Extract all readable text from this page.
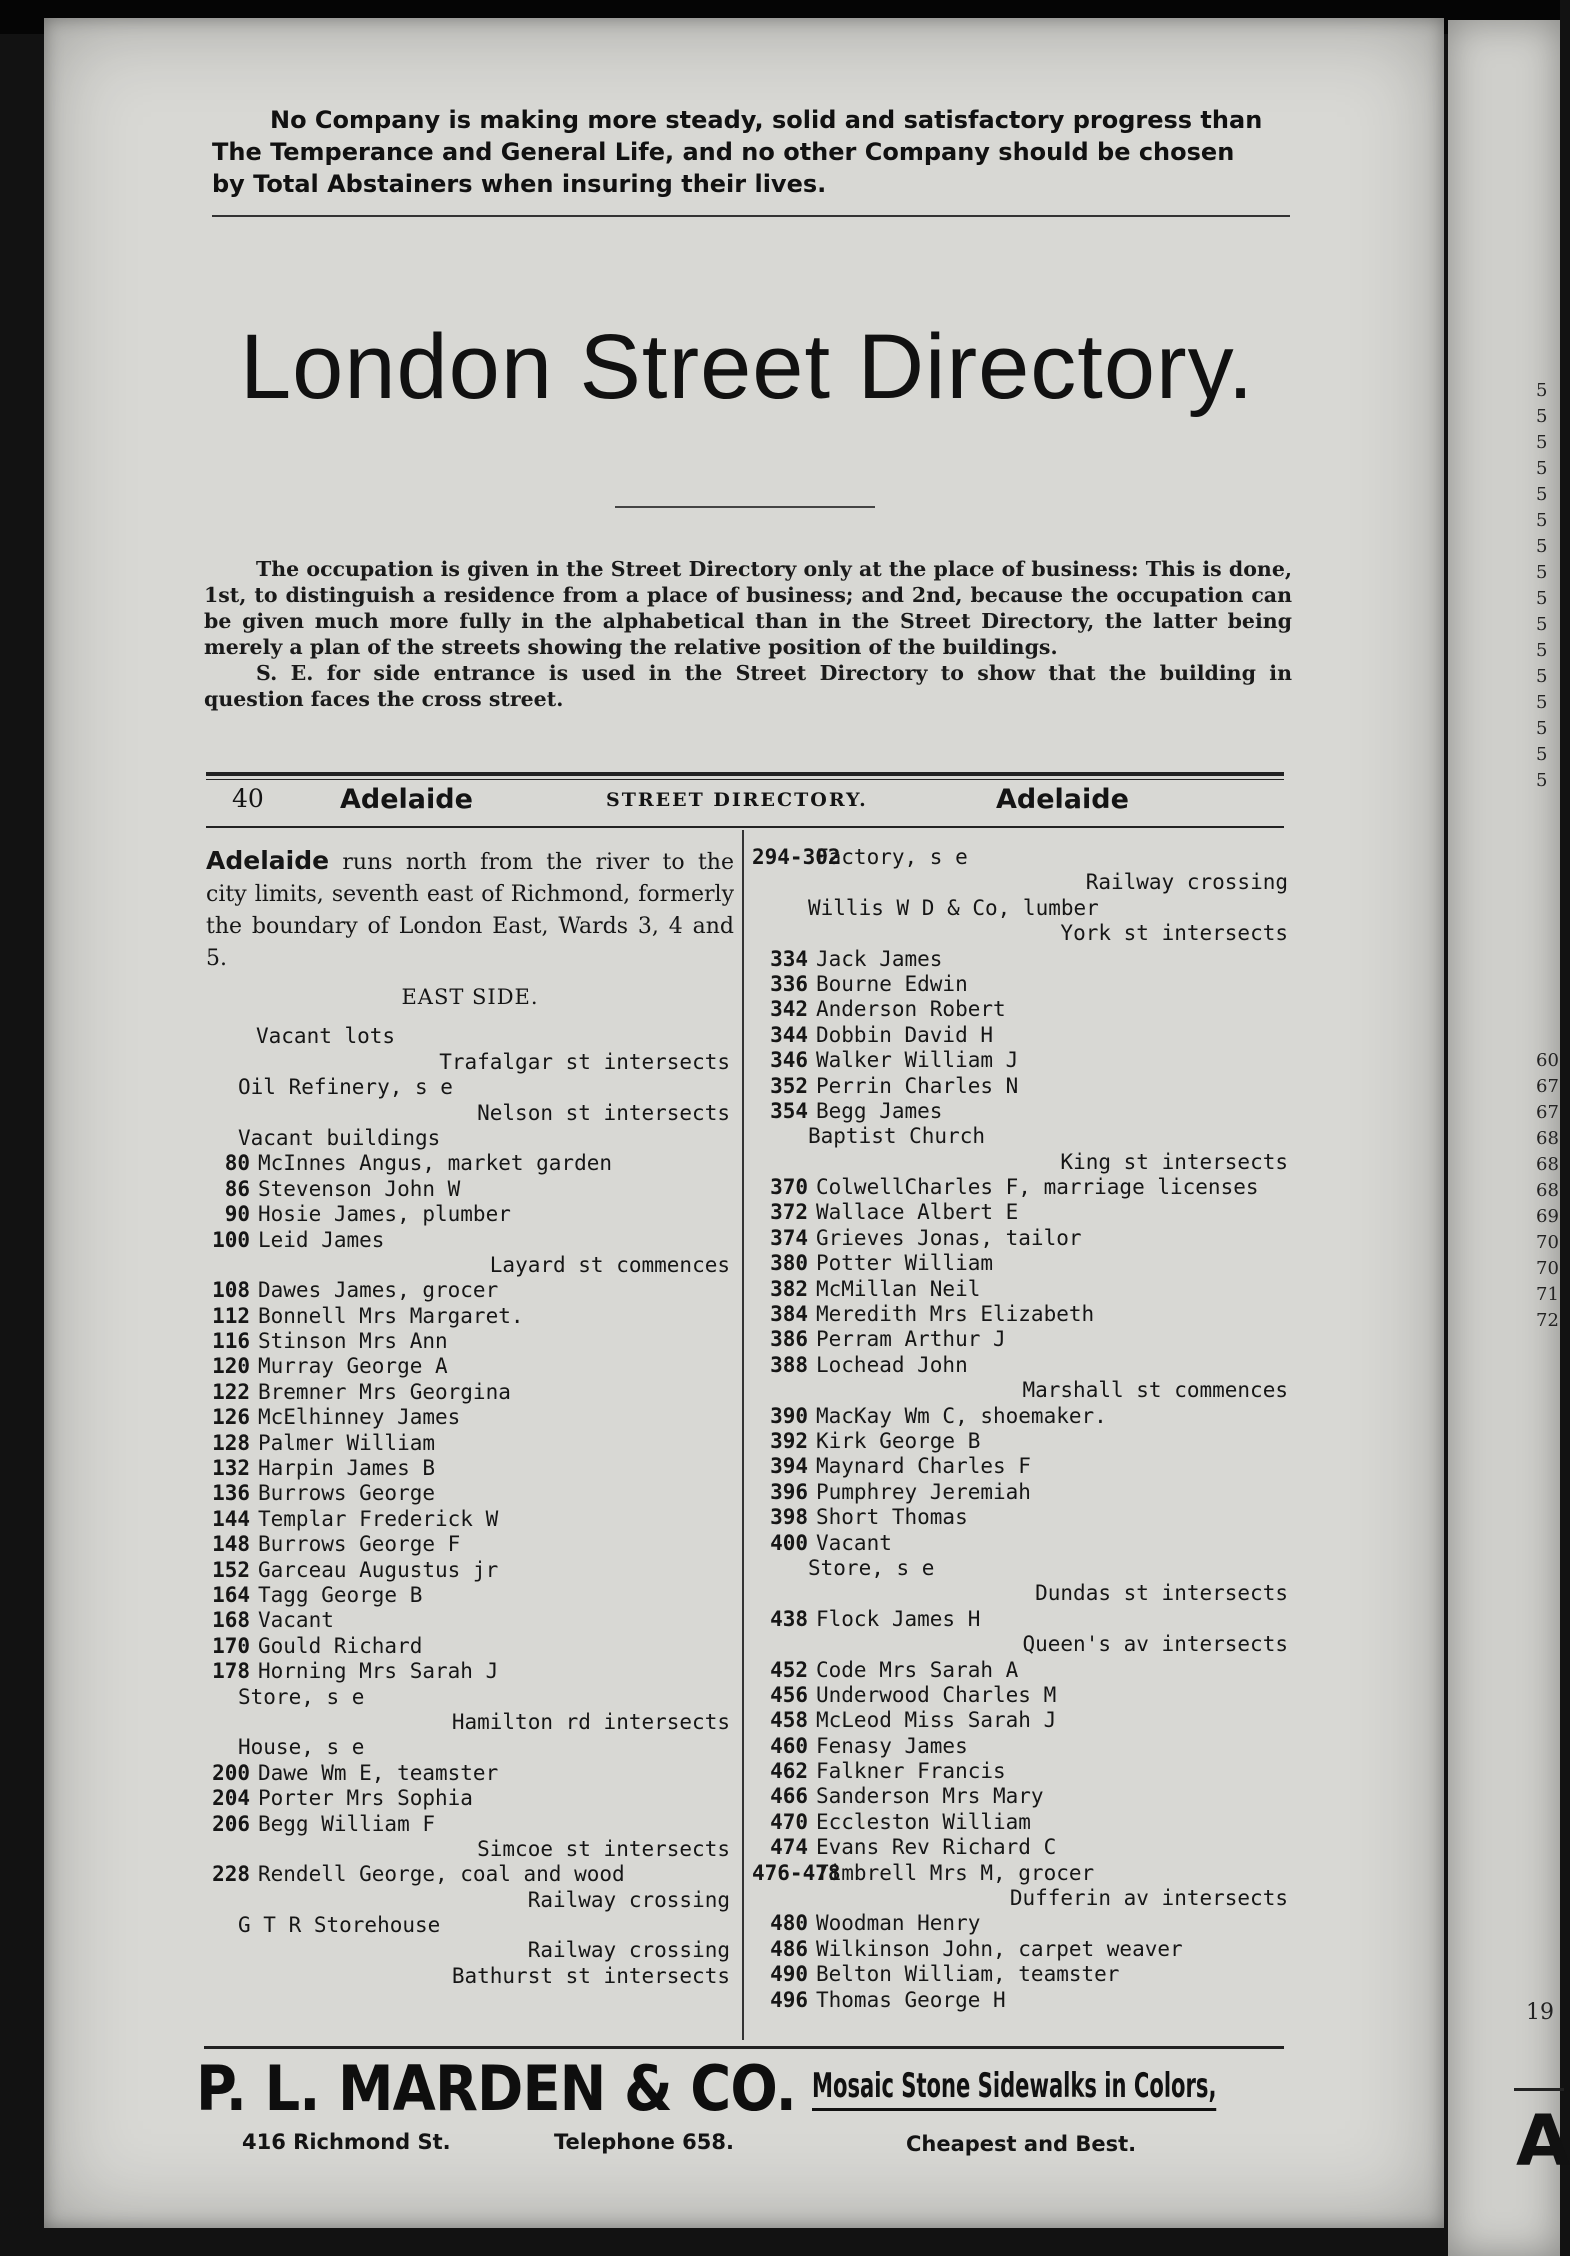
19
A
5
5
5
5
5
5
5
5
5
5
5
5
5
5
5
5
60
67
67
68
68
68
69
70
70
71
72
No Company is making more steady, solid and satisfactory progress than
The Temperance and General Life, and no other Company should be chosen
by Total Abstainers when insuring their lives.
London Street Directory.

The occupation is given in the Street Directory only at the place of business: This is done, 1st, to distinguish a residence from a place of business; and 2nd, because the occupation can be given much more fully in the alphabetical than in the Street Directory, the latter being merely a plan of the streets showing the relative position of the buildings.

S. E. for side entrance is used in the Street Directory to show that the building in question faces the cross street.

40	Adelaide	STREET DIRECTORY.	Adelaide
Adelaide runs north from the river to the city limits, seventh east of Richmond, formerly the boundary of London East, Wards 3, 4 and 5.
EAST SIDE.
Vacant lots
Trafalgar st intersects
Oil Refinery, s e
Nelson st intersects
Vacant buildings
80 McInnes Angus, market garden
86 Stevenson John W
90 Hosie James, plumber
100 Leid James
Layard st commences
108 Dawes James, grocer
112 Bonnell Mrs Margaret.
116 Stinson Mrs Ann
120 Murray George A
122 Bremner Mrs Georgina
126 McElhinney James
128 Palmer William
132 Harpin James B
136 Burrows George
144 Templar Frederick W
148 Burrows George F
152 Garceau Augustus jr
164 Tagg George B
168 Vacant
170 Gould Richard
178 Horning Mrs Sarah J
Store, s e
Hamilton rd intersects
House, s e
200 Dawe Wm E, teamster
204 Porter Mrs Sophia
206 Begg William F
Simcoe st intersects
228 Rendell George, coal and wood
Railway crossing
G T R Storehouse
Railway crossing
Bathurst st intersects
294-302Factory, s e
Railway crossing
Willis W D & Co, lumber
York st intersects
334 Jack James
336 Bourne Edwin
342 Anderson Robert
344 Dobbin David H
346 Walker William J
352 Perrin Charles N
354 Begg James
Baptist Church
King st intersects
370 ColwellCharles F, marriage licenses
372 Wallace Albert E
374 Grieves Jonas, tailor
380 Potter William
382 McMillan Neil
384 Meredith Mrs Elizabeth
386 Perram Arthur J
388 Lochead John
Marshall st commences
390 MacKay Wm C, shoemaker.
392 Kirk George B
394 Maynard Charles F
396 Pumphrey Jeremiah
398 Short Thomas
400 Vacant
Store, s e
Dundas st intersects
438 Flock James H
Queen's av intersects
452 Code Mrs Sarah A
456 Underwood Charles M
458 McLeod Miss Sarah J
460 Fenasy James
462 Falkner Francis
466 Sanderson Mrs Mary
470 Eccleston William
474 Evans Rev Richard C
476-478Timbrell Mrs M, grocer
Dufferin av intersects
480 Woodman Henry
486 Wilkinson John, carpet weaver
490 Belton William, teamster
496 Thomas George H
P. L. MARDEN & CO. Mosaic Stone Sidewalks in Colors,
416 Richmond St.	Telephone 658.	Cheapest and Best.
